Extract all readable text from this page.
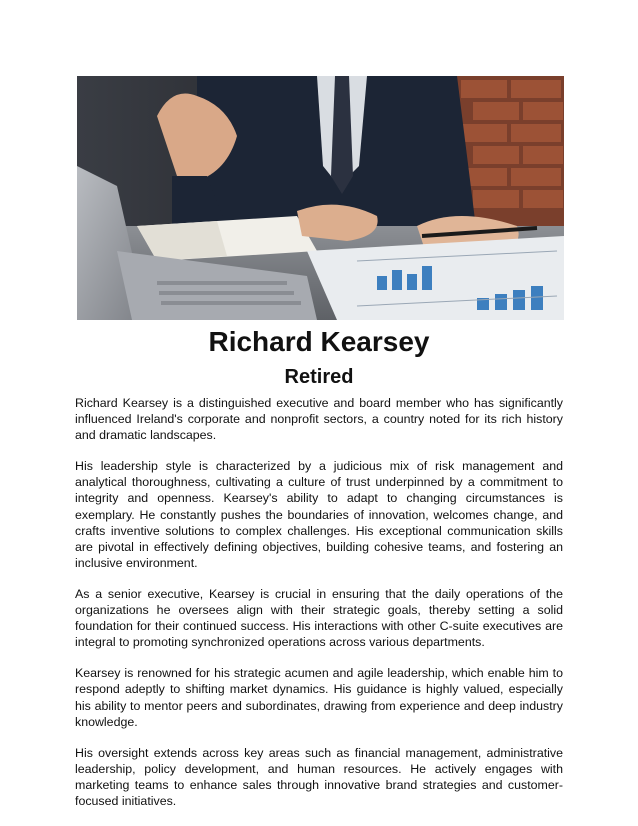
Richard Kearsey
Retired

Richard Kearsey is a distinguished executive and board member who has significantly influenced Ireland's corporate and nonprofit sectors, a country noted for its rich history and dramatic landscapes.

His leadership style is characterized by a judicious mix of risk management and analytical thoroughness, cultivating a culture of trust underpinned by a commitment to integrity and openness. Kearsey's ability to adapt to changing circumstances is exemplary. He constantly pushes the boundaries of innovation, welcomes change, and crafts inventive solutions to complex challenges. His exceptional communication skills are pivotal in effectively defining objectives, building cohesive teams, and fostering an inclusive environment.

As a senior executive, Kearsey is crucial in ensuring that the daily operations of the organizations he oversees align with their strategic goals, thereby setting a solid foundation for their continued success. His interactions with other C-suite executives are integral to promoting synchronized operations across various departments.

Kearsey is renowned for his strategic acumen and agile leadership, which enable him to respond adeptly to shifting market dynamics. His guidance is highly valued, especially his ability to mentor peers and subordinates, drawing from experience and deep industry knowledge.

His oversight extends across key areas such as financial management, administrative leadership, policy development, and human resources. He actively engages with marketing teams to enhance sales through innovative brand strategies and customer-focused initiatives.
